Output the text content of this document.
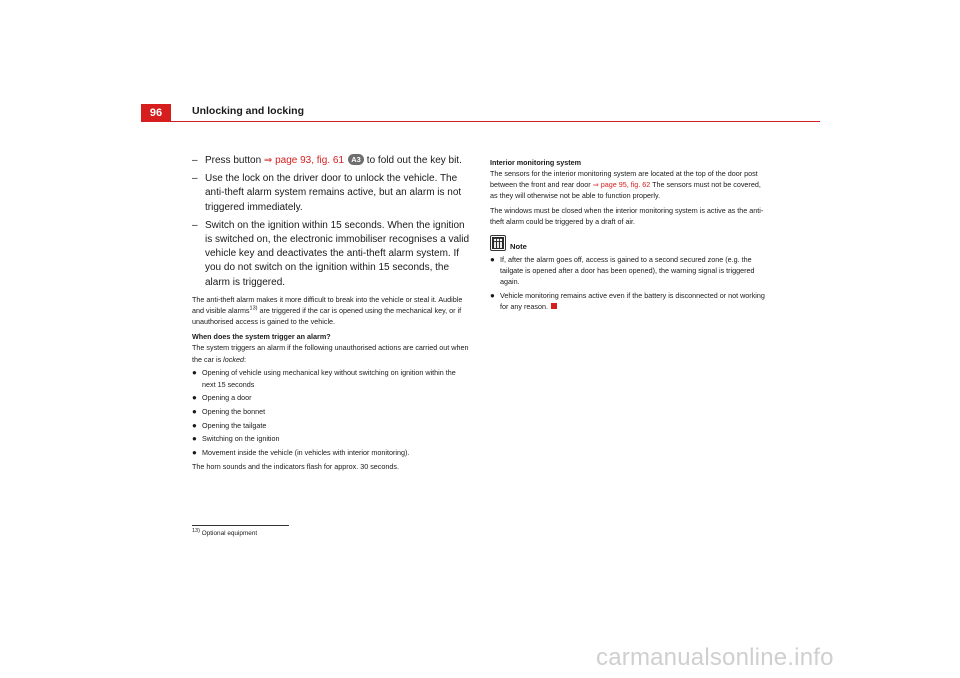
96	Unlocking and locking
– Press button ⇒ page 93, fig. 61 A3 to fold out the key bit.
– Use the lock on the driver door to unlock the vehicle. The anti-theft alarm system remains active, but an alarm is not triggered immediately.
– Switch on the ignition within 15 seconds. When the ignition is switched on, the electronic immobiliser recognises a valid vehicle key and deactivates the anti-theft alarm system. If you do not switch on the ignition within 15 seconds, the alarm is triggered.

The anti-theft alarm makes it more difficult to break into the vehicle or steal it. Audible and visible alarms$^{13)}$ are triggered if the car is opened using the mechanical key, or if unauthorised access is gained to the vehicle.

When does the system trigger an alarm?

The system triggers an alarm if the following unauthorised actions are carried out when the car is locked:

● Opening of vehicle using mechanical key without switching on ignition within the next 15 seconds
● Opening a door
● Opening the bonnet
● Opening the tailgate
● Switching on the ignition
● Movement inside the vehicle (in vehicles with interior monitoring).

The horn sounds and the indicators flash for approx. 30 seconds.

Interior monitoring system

The sensors for the interior monitoring system are located at the top of the door post between the front and rear door ⇒ page 95, fig. 62 The sensors must not be covered, as they will otherwise not be able to function properly.

The windows must be closed when the interior monitoring system is active as the anti-theft alarm could be triggered by a draft of air.

Note
● If, after the alarm goes off, access is gained to a second secured zone (e.g. the tailgate is opened after a door has been opened), the warning signal is triggered again.
● Vehicle monitoring remains active even if the battery is disconnected or not working for any reason.
$^{13)}$ Optional equipment
carmanualsonline.info
